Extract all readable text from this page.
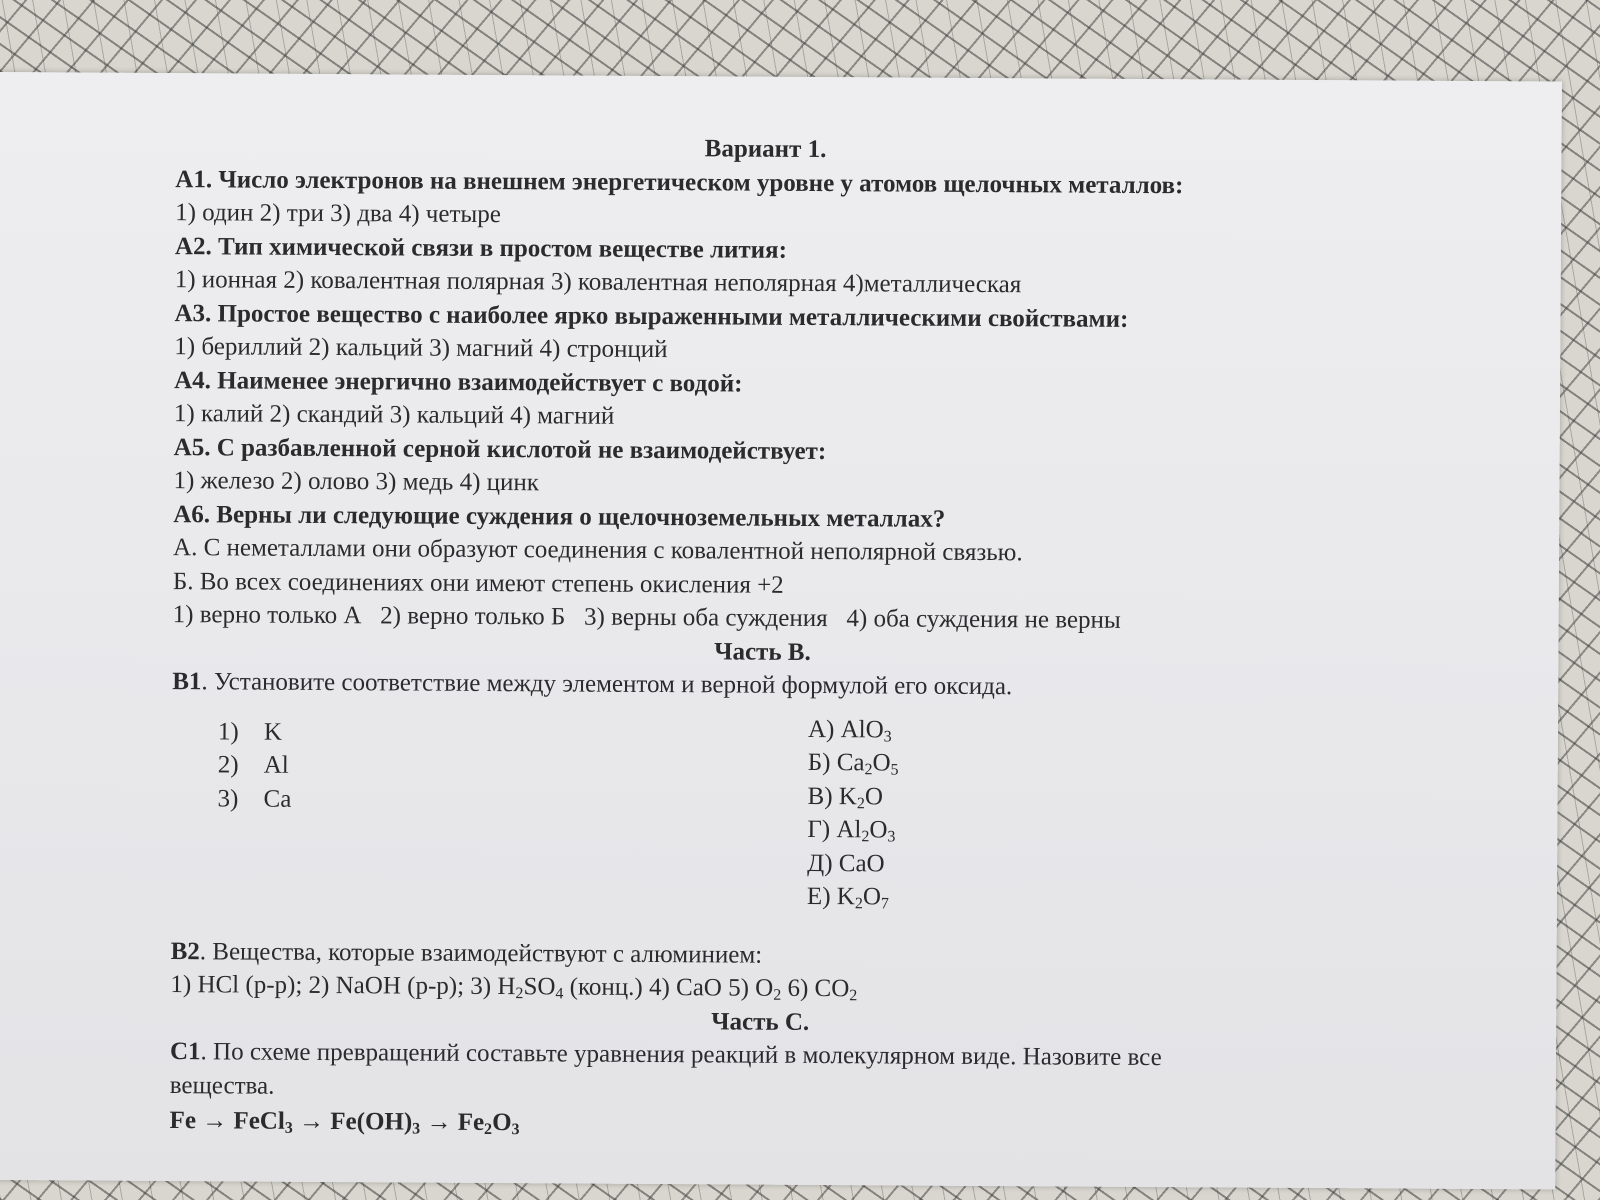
Вариант 1.
А1. Число электронов на внешнем энергетическом уровне у атомов щелочных металлов:
1) один 2) три 3) два 4) четыре
А2. Тип химической связи в простом веществе лития:
1) ионная 2) ковалентная полярная 3) ковалентная неполярная 4)металлическая
А3. Простое вещество с наиболее ярко выраженными металлическими свойствами:
1) бериллий 2) кальций 3) магний 4) стронций
А4. Наименее энергично взаимодействует с водой:
1) калий 2) скандий 3) кальций 4) магний
А5. С разбавленной серной кислотой не взаимодействует:
1) железо 2) олово 3) медь 4) цинк
А6. Верны ли следующие суждения о щелочноземельных металлах?
А. С неметаллами они образуют соединения с ковалентной неполярной связью.
Б. Во всех соединениях они имеют степень окисления +2
1) верно только А 2) верно только Б 3) верны оба суждения 4) оба суждения не верны
Часть В.
В1. Установите соответствие между элементом и верной формулой его оксида.
1) K
2) Al
3) Ca
А) AlO$_3$
Б) $Ca_2O_5$
В) $K_2O$
Г) $Al_2O_3$
Д) CaO
Е) $K_2O_7$
В2. Вещества, которые взаимодействуют с алюминием:
1) HCl (р-р); 2) NaOH (р-р); 3) $H_2SO_4$ (конц.) 4) CaO 5) $O_2$ 6) $CO_2$
Часть С.
С1. По схеме превращений составьте уравнения реакций в молекулярном виде. Назовите все
вещества.
Fe → FeCl$_3$ → $Fe(OH)_3 \to Fe_2O_3$
